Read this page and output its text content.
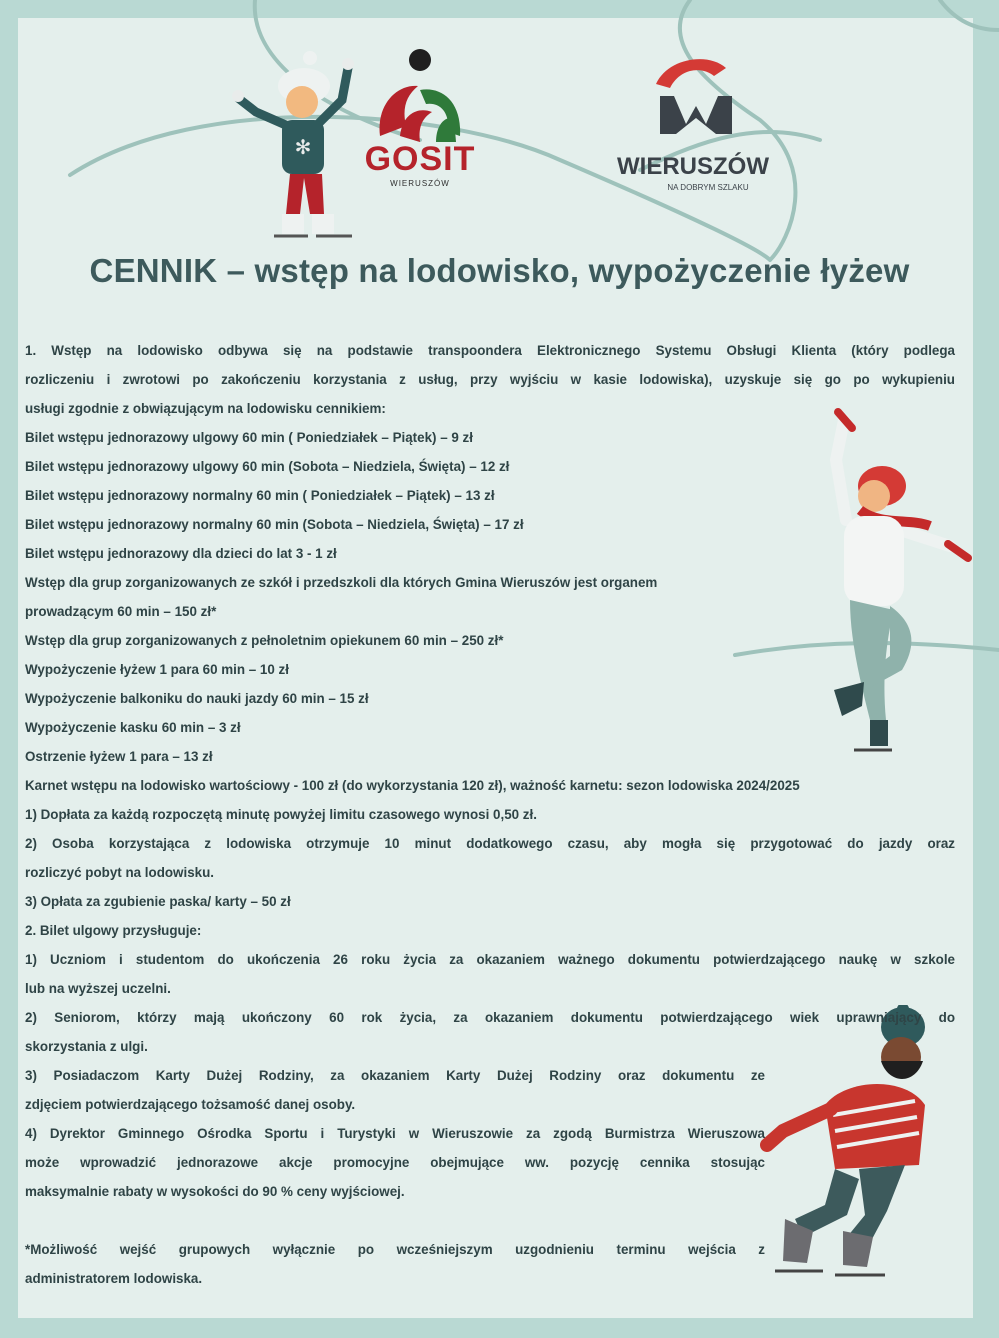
GOSIT
WIERUSZÓW
WIERUSZÓW
NA DOBRYM SZLAKU
✻
CENNIK – wstęp na lodowisko, wypożyczenie łyżew
1. Wstęp na lodowisko odbywa się na podstawie transpoondera Elektronicznego Systemu Obsługi Klienta (który podlega
rozliczeniu i zwrotowi po zakończeniu korzystania z usług, przy wyjściu w kasie lodowiska), uzyskuje się go po wykupieniu
usługi zgodnie z obwiązującym na lodowisku cennikiem:
Bilet wstępu jednorazowy ulgowy 60 min ( Poniedziałek – Piątek) – 9 zł
Bilet wstępu jednorazowy ulgowy 60 min (Sobota – Niedziela, Święta) – 12 zł
Bilet wstępu jednorazowy normalny 60 min ( Poniedziałek – Piątek) – 13 zł
Bilet wstępu jednorazowy normalny 60 min (Sobota – Niedziela, Święta) – 17 zł
Bilet wstępu jednorazowy dla dzieci do lat 3 - 1 zł
Wstęp dla grup zorganizowanych ze szkół i przedszkoli dla których Gmina Wieruszów jest organem
prowadzącym 60 min – 150 zł*
Wstęp dla grup zorganizowanych z pełnoletnim opiekunem 60 min – 250 zł*
Wypożyczenie łyżew 1 para 60 min – 10 zł
Wypożyczenie balkoniku do nauki jazdy 60 min – 15 zł
Wypożyczenie kasku 60 min – 3 zł
Ostrzenie łyżew 1 para – 13 zł
Karnet wstępu na lodowisko wartościowy - 100 zł (do wykorzystania 120 zł), ważność karnetu: sezon lodowiska 2024/2025
1) Dopłata za każdą rozpoczętą minutę powyżej limitu czasowego wynosi 0,50 zł.
2) Osoba korzystająca z lodowiska otrzymuje 10 minut dodatkowego czasu, aby mogła się przygotować do jazdy oraz
rozliczyć pobyt na lodowisku.
3) Opłata za zgubienie paska/ karty – 50 zł
2. Bilet ulgowy przysługuje:
1) Uczniom i studentom do ukończenia 26 roku życia za okazaniem ważnego dokumentu potwierdzającego naukę w szkole
lub na wyższej uczelni.
2) Seniorom, którzy mają ukończony 60 rok życia, za okazaniem dokumentu potwierdzającego wiek uprawniający do
skorzystania z ulgi.
3) Posiadaczom Karty Dużej Rodziny, za okazaniem Karty Dużej Rodziny oraz dokumentu ze
zdjęciem potwierdzającego tożsamość danej osoby.
4) Dyrektor Gminnego Ośrodka Sportu i Turystyki w Wieruszowie za zgodą Burmistrza Wieruszowa
może wprowadzić jednorazowe akcje promocyjne obejmujące ww. pozycję cennika stosując
maksymalnie rabaty w wysokości do 90 % ceny wyjściowej.
*Możliwość wejść grupowych wyłącznie po wcześniejszym uzgodnieniu terminu wejścia z
administratorem lodowiska.
